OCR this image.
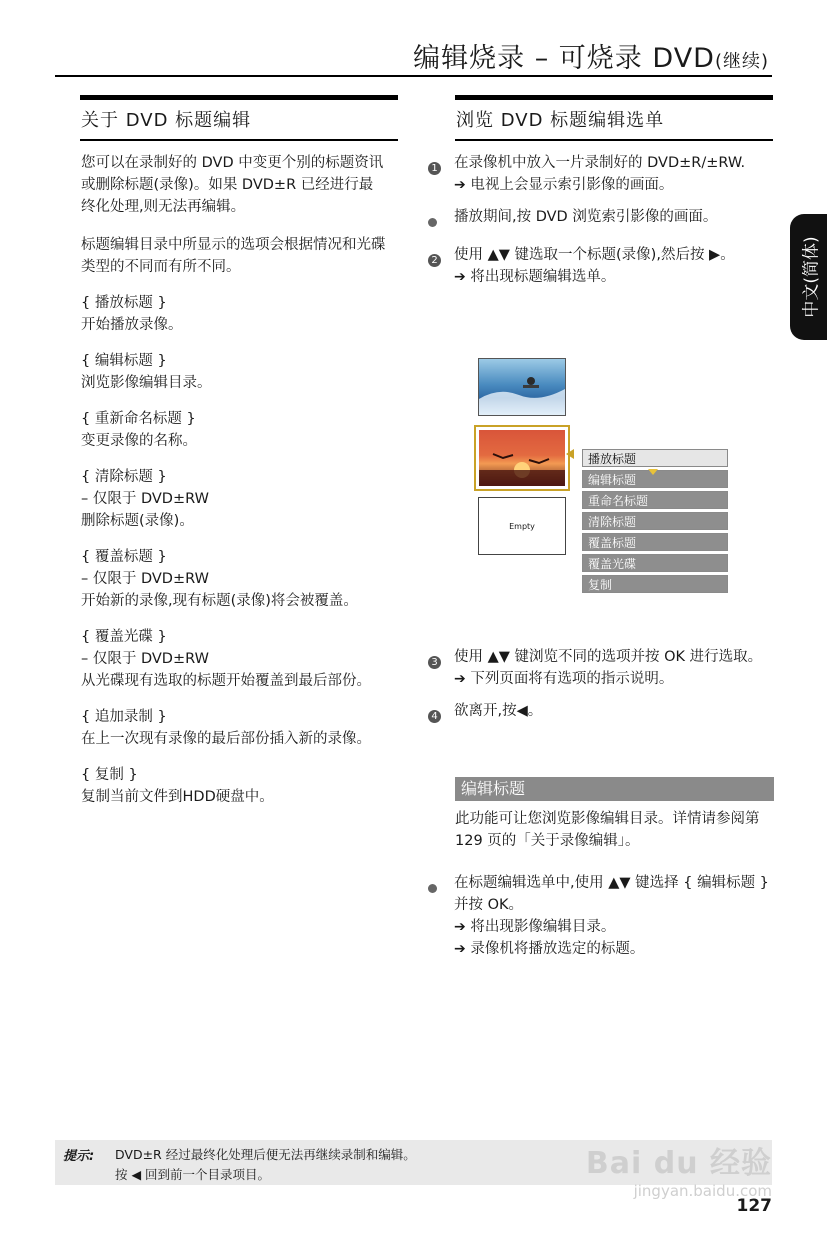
编辑烧录 – 可烧录 DVD(继续)
关于 DVD 标题编辑

您可以在录制好的 DVD 中变更个别的标题资讯或删除标题(录像)。如果 DVD±R 已经进行最终化处理,则无法再编辑。

标题编辑目录中所显示的选项会根据情况和光碟类型的不同而有所不同。

{ 播放标题 }

开始播放录像。

{ 编辑标题 }

浏览影像编辑目录。

{ 重新命名标题 }

变更录像的名称。

{ 清除标题 }

– 仅限于 DVD±RW

删除标题(录像)。

{ 覆盖标题 }

– 仅限于 DVD±RW

开始新的录像,现有标题(录像)将会被覆盖。

{ 覆盖光碟 }

– 仅限于 DVD±RW

从光碟现有选取的标题开始覆盖到最后部份。

{ 追加录制 }

在上一次现有录像的最后部份插入新的录像。

{ 复制 }

复制当前文件到HDD硬盘中。

浏览 DVD 标题编辑选单
1	在录像机中放入一片录制好的 DVD±R/±RW.

➔ 电视上会显示索引影像的画面。

播放期间,按 DVD 浏览索引影像的画面。

2	使用 ▲▼ 键选取一个标题(录像),然后按 ▶。

➔ 将出现标题编辑选单。

Empty
播放标题
编辑标题
重命名标题
清除标题
覆盖标题
覆盖光碟
复制
3	使用 ▲▼ 键浏览不同的选项并按 OK 进行选取。

➔ 下列页面将有选项的指示说明。

4	欲离开,按◀。

编辑标题
此功能可让您浏览影像编辑目录。详情请参阅第 129 页的「关于录像编辑」。

在标题编辑选单中,使用 ▲▼ 键选择 { 编辑标题 } 并按 OK。

➔ 将出现影像编辑目录。

➔ 录像机将播放选定的标题。

中文(简体)
提示: DVD±R 经过最终化处理后便无法再继续录制和编辑。
按 ◀ 回到前一个目录项目。	Bai du 经验
jingyan.baidu.com
127
